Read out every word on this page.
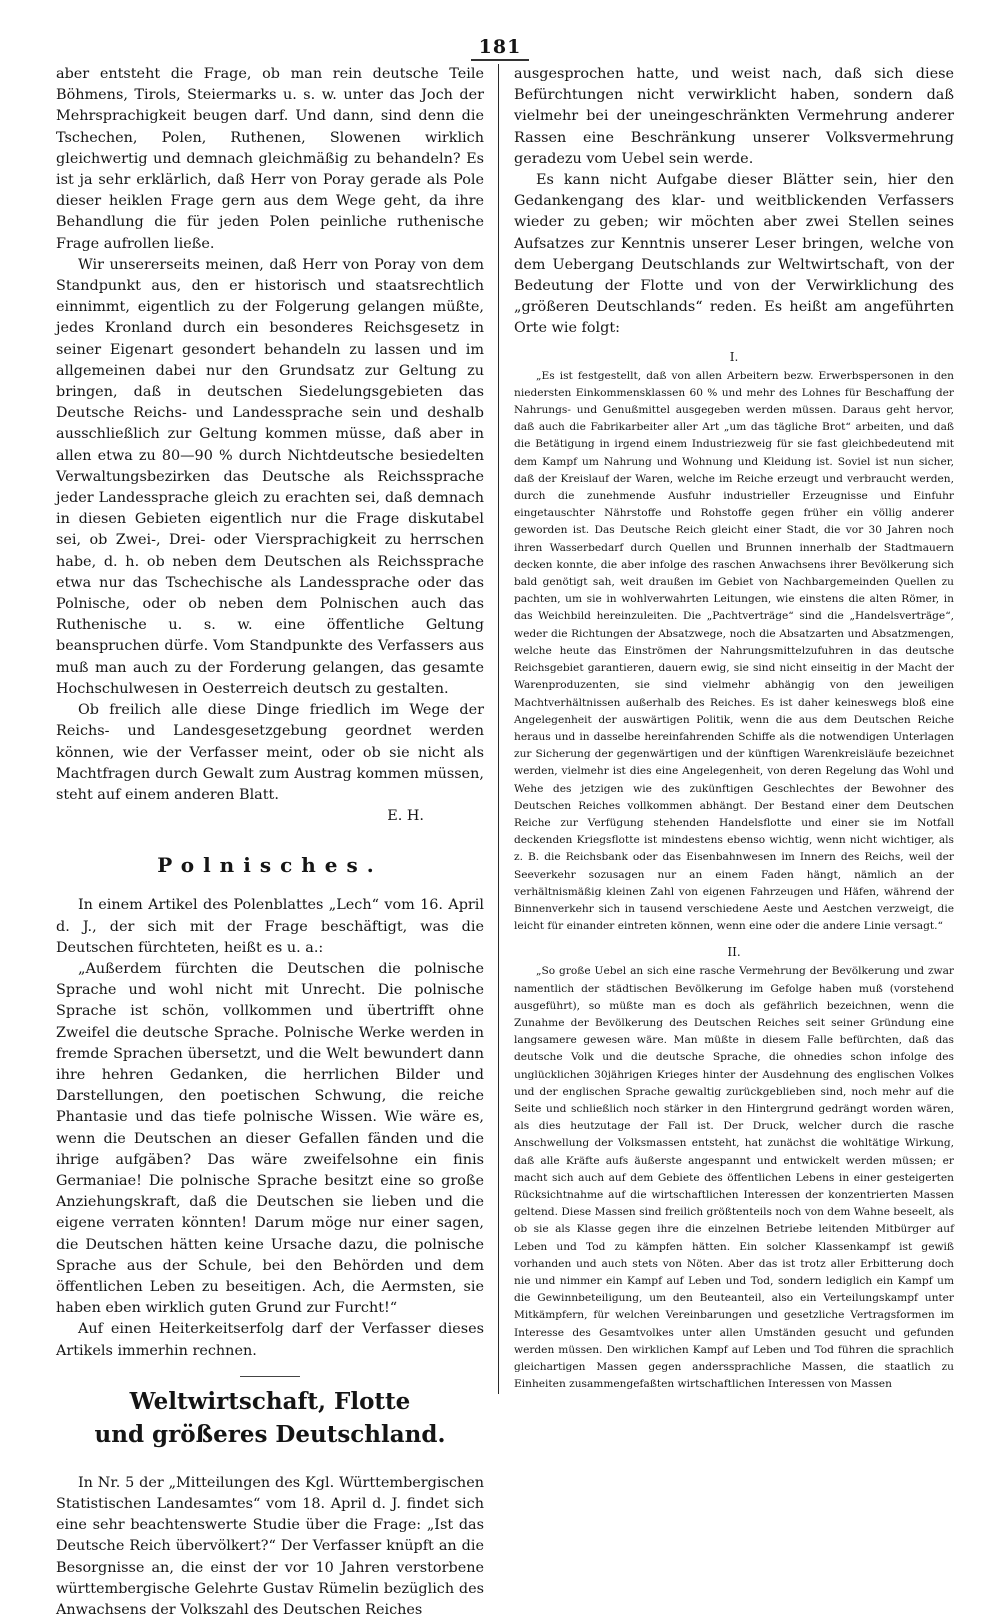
181

aber entsteht die Frage, ob man rein deutsche Teile Böhmens, Tirols, Steiermarks u. s. w. unter das Joch der Mehrsprachigkeit beugen darf. Und dann, sind denn die Tschechen, Polen, Ruthenen, Slowenen wirklich gleichwertig und demnach gleichmäßig zu behandeln? Es ist ja sehr erklärlich, daß Herr von Poray gerade als Pole dieser heiklen Frage gern aus dem Wege geht, da ihre Behandlung die für jeden Polen peinliche ruthenische Frage aufrollen ließe.

Wir unsererseits meinen, daß Herr von Poray von dem Standpunkt aus, den er historisch und staatsrechtlich einnimmt, eigentlich zu der Folgerung gelangen müßte, jedes Kronland durch ein besonderes Reichsgesetz in seiner Eigenart gesondert behandeln zu lassen und im allgemeinen dabei nur den Grundsatz zur Geltung zu bringen, daß in deutschen Siedelungsgebieten das Deutsche Reichs- und Landessprache sein und deshalb ausschließlich zur Geltung kommen müsse, daß aber in allen etwa zu 80—90 % durch Nichtdeutsche besiedelten Verwaltungsbezirken das Deutsche als Reichssprache jeder Landessprache gleich zu erachten sei, daß demnach in diesen Gebieten eigentlich nur die Frage diskutabel sei, ob Zwei-, Drei- oder Viersprachigkeit zu herrschen habe, d. h. ob neben dem Deutschen als Reichssprache etwa nur das Tschechische als Landessprache oder das Polnische, oder ob neben dem Polnischen auch das Ruthenische u. s. w. eine öffentliche Geltung beanspruchen dürfe. Vom Standpunkte des Verfassers aus muß man auch zu der Forderung gelangen, das gesamte Hochschulwesen in Oesterreich deutsch zu gestalten.

Ob freilich alle diese Dinge friedlich im Wege der Reichs- und Landesgesetzgebung geordnet werden können, wie der Verfasser meint, oder ob sie nicht als Machtfragen durch Gewalt zum Austrag kommen müssen, steht auf einem anderen Blatt.

E. H.

Polnisches.

In einem Artikel des Polenblattes „Lech“ vom 16. April d. J., der sich mit der Frage beschäftigt, was die Deutschen fürchteten, heißt es u. a.:

„Außerdem fürchten die Deutschen die polnische Sprache und wohl nicht mit Unrecht. Die polnische Sprache ist schön, vollkommen und übertrifft ohne Zweifel die deutsche Sprache. Polnische Werke werden in fremde Sprachen übersetzt, und die Welt bewundert dann ihre hehren Gedanken, die herrlichen Bilder und Darstellungen, den poetischen Schwung, die reiche Phantasie und das tiefe polnische Wissen. Wie wäre es, wenn die Deutschen an dieser Gefallen fänden und die ihrige aufgäben? Das wäre zweifelsohne ein finis Germaniae! Die polnische Sprache besitzt eine so große Anziehungskraft, daß die Deutschen sie lieben und die eigene verraten könnten! Darum möge nur einer sagen, die Deutschen hätten keine Ursache dazu, die polnische Sprache aus der Schule, bei den Behörden und dem öffentlichen Leben zu beseitigen. Ach, die Aermsten, sie haben eben wirklich guten Grund zur Furcht!“

Auf einen Heiterkeitserfolg darf der Verfasser dieses Artikels immerhin rechnen.

Weltwirtschaft, Flotte
und größeres Deutschland.

In Nr. 5 der „Mitteilungen des Kgl. Württembergischen Statistischen Landesamtes“ vom 18. April d. J. findet sich eine sehr beachtenswerte Studie über die Frage: „Ist das Deutsche Reich übervölkert?“ Der Verfasser knüpft an die Besorgnisse an, die einst der vor 10 Jahren verstorbene württembergische Gelehrte Gustav Rümelin bezüglich des Anwachsens der Volkszahl des Deutschen Reiches

ausgesprochen hatte, und weist nach, daß sich diese Befürchtungen nicht verwirklicht haben, sondern daß vielmehr bei der uneingeschränkten Vermehrung anderer Rassen eine Beschränkung unserer Volksvermehrung geradezu vom Uebel sein werde.

Es kann nicht Aufgabe dieser Blätter sein, hier den Gedankengang des klar- und weitblickenden Verfassers wieder zu geben; wir möchten aber zwei Stellen seines Aufsatzes zur Kenntnis unserer Leser bringen, welche von dem Uebergang Deutschlands zur Weltwirtschaft, von der Bedeutung der Flotte und von der Verwirklichung des „größeren Deutschlands“ reden. Es heißt am angeführten Orte wie folgt:

I.

„Es ist festgestellt, daß von allen Arbeitern bezw. Erwerbspersonen in den niedersten Einkommensklassen 60 % und mehr des Lohnes für Beschaffung der Nahrungs- und Genußmittel ausgegeben werden müssen. Daraus geht hervor, daß auch die Fabrikarbeiter aller Art „um das tägliche Brot“ arbeiten, und daß die Betätigung in irgend einem Industriezweig für sie fast gleichbedeutend mit dem Kampf um Nahrung und Wohnung und Kleidung ist. Soviel ist nun sicher, daß der Kreislauf der Waren, welche im Reiche erzeugt und verbraucht werden, durch die zunehmende Ausfuhr industrieller Erzeugnisse und Einfuhr eingetauschter Nährstoffe und Rohstoffe gegen früher ein völlig anderer geworden ist. Das Deutsche Reich gleicht einer Stadt, die vor 30 Jahren noch ihren Wasserbedarf durch Quellen und Brunnen innerhalb der Stadtmauern decken konnte, die aber infolge des raschen Anwachsens ihrer Bevölkerung sich bald genötigt sah, weit draußen im Gebiet von Nachbargemeinden Quellen zu pachten, um sie in wohlverwahrten Leitungen, wie einstens die alten Römer, in das Weichbild hereinzuleiten. Die „Pachtverträge“ sind die „Handelsverträge“, weder die Richtungen der Absatzwege, noch die Absatzarten und Absatzmengen, welche heute das Einströmen der Nahrungsmittelzufuhren in das deutsche Reichsgebiet garantieren, dauern ewig, sie sind nicht einseitig in der Macht der Warenproduzenten, sie sind vielmehr abhängig von den jeweiligen Machtverhältnissen außerhalb des Reiches. Es ist daher keineswegs bloß eine Angelegenheit der auswärtigen Politik, wenn die aus dem Deutschen Reiche heraus und in dasselbe hereinfahrenden Schiffe als die notwendigen Unterlagen zur Sicherung der gegenwärtigen und der künftigen Warenkreisläufe bezeichnet werden, vielmehr ist dies eine Angelegenheit, von deren Regelung das Wohl und Wehe des jetzigen wie des zukünftigen Geschlechtes der Bewohner des Deutschen Reiches vollkommen abhängt. Der Bestand einer dem Deutschen Reiche zur Verfügung stehenden Handelsflotte und einer sie im Notfall deckenden Kriegsflotte ist mindestens ebenso wichtig, wenn nicht wichtiger, als z. B. die Reichsbank oder das Eisenbahnwesen im Innern des Reichs, weil der Seeverkehr sozusagen nur an einem Faden hängt, nämlich an der verhältnismäßig kleinen Zahl von eigenen Fahrzeugen und Häfen, während der Binnenverkehr sich in tausend verschiedene Aeste und Aestchen verzweigt, die leicht für einander eintreten können, wenn eine oder die andere Linie versagt.“

II.

„So große Uebel an sich eine rasche Vermehrung der Bevölkerung und zwar namentlich der städtischen Bevölkerung im Gefolge haben muß (vorstehend ausgeführt), so müßte man es doch als gefährlich bezeichnen, wenn die Zunahme der Bevölkerung des Deutschen Reiches seit seiner Gründung eine langsamere gewesen wäre. Man müßte in diesem Falle befürchten, daß das deutsche Volk und die deutsche Sprache, die ohnedies schon infolge des unglücklichen 30jährigen Krieges hinter der Ausdehnung des englischen Volkes und der englischen Sprache gewaltig zurückgeblieben sind, noch mehr auf die Seite und schließlich noch stärker in den Hintergrund gedrängt worden wären, als dies heutzutage der Fall ist. Der Druck, welcher durch die rasche Anschwellung der Volksmassen entsteht, hat zunächst die wohltätige Wirkung, daß alle Kräfte aufs äußerste angespannt und entwickelt werden müssen; er macht sich auch auf dem Gebiete des öffentlichen Lebens in einer gesteigerten Rücksichtnahme auf die wirtschaftlichen Interessen der konzentrierten Massen geltend. Diese Massen sind freilich größtenteils noch von dem Wahne beseelt, als ob sie als Klasse gegen ihre die einzelnen Betriebe leitenden Mitbürger auf Leben und Tod zu kämpfen hätten. Ein solcher Klassenkampf ist gewiß vorhanden und auch stets von Nöten. Aber das ist trotz aller Erbitterung doch nie und nimmer ein Kampf auf Leben und Tod, sondern lediglich ein Kampf um die Gewinnbeteiligung, um den Beuteanteil, also ein Verteilungskampf unter Mitkämpfern, für welchen Vereinbarungen und gesetzliche Vertragsformen im Interesse des Gesamtvolkes unter allen Umständen gesucht und gefunden werden müssen. Den wirklichen Kampf auf Leben und Tod führen die sprachlich gleichartigen Massen gegen anderssprachliche Massen, die staatlich zu Einheiten zusammengefaßten wirtschaftlichen Interessen von Massen
